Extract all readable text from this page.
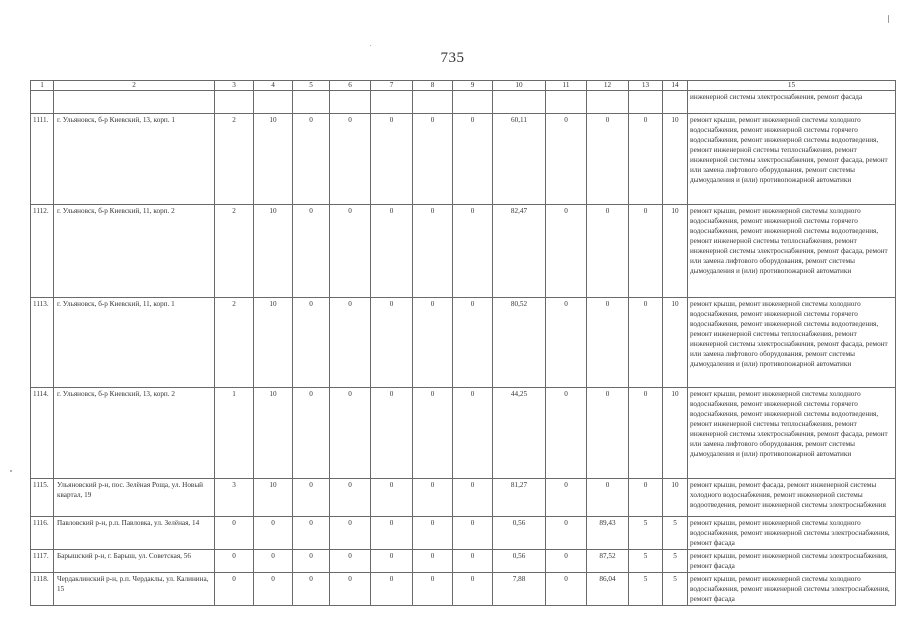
735
1	2	3	4	5	6	7	8	9	10	11	12	13	14	15
														инженерной системы электроснабжения, ремонт фасада
1111.	г. Ульяновск, б-р Киевский, 13, корп. 1	2	10	0	0	0	0	0	60,11	0	0	0	10	ремонт крыши, ремонт инженерной системы холодного водоснабжения, ремонт инженерной системы горячего водоснабжения, ремонт инженерной системы водоотведения, ремонт инженерной системы теплоснабжения, ремонт инженерной системы электроснабжения, ремонт фасада, ремонт или замена лифтового оборудования, ремонт системы дымоудаления и (или) противопожарной автоматики
1112.	г. Ульяновск, б-р Киевский, 11, корп. 2	2	10	0	0	0	0	0	82,47	0	0	0	10	ремонт крыши, ремонт инженерной системы холодного водоснабжения, ремонт инженерной системы горячего водоснабжения, ремонт инженерной системы водоотведения, ремонт инженерной системы теплоснабжения, ремонт инженерной системы электроснабжения, ремонт фасада, ремонт или замена лифтового оборудования, ремонт системы дымоудаления и (или) противопожарной автоматики
1113.	г. Ульяновск, б-р Киевский, 11, корп. 1	2	10	0	0	0	0	0	80,52	0	0	0	10	ремонт крыши, ремонт инженерной системы холодного водоснабжения, ремонт инженерной системы горячего водоснабжения, ремонт инженерной системы водоотведения, ремонт инженерной системы теплоснабжения, ремонт инженерной системы электроснабжения, ремонт фасада, ремонт или замена лифтового оборудования, ремонт системы дымоудаления и (или) противопожарной автоматики
1114.	г. Ульяновск, б-р Киевский, 13, корп. 2	1	10	0	0	0	0	0	44,25	0	0	0	10	ремонт крыши, ремонт инженерной системы холодного водоснабжения, ремонт инженерной системы горячего водоснабжения, ремонт инженерной системы водоотведения, ремонт инженерной системы теплоснабжения, ремонт инженерной системы электроснабжения, ремонт фасада, ремонт или замена лифтового оборудования, ремонт системы дымоудаления и (или) противопожарной автоматики
1115.	Ульяновский р-н, пос. Зелёная Роща, ул. Новый квартал, 19	3	10	0	0	0	0	0	81,27	0	0	0	10	ремонт крыши, ремонт фасада, ремонт инженерной системы холодного водоснабжения, ремонт инженерной системы водоотведения, ремонт инженерной системы электроснабжения
1116.	Павловский р-н, р.п. Павловка, ул. Зелёная, 14	0	0	0	0	0	0	0	0,56	0	89,43	5	5	ремонт крыши, ремонт инженерной системы холодного водоснабжения, ремонт инженерной системы электроснабжения, ремонт фасада
1117.	Барышский р-н, г. Барыш, ул. Советская, 56	0	0	0	0	0	0	0	0,56	0	87,52	5	5	ремонт крыши, ремонт инженерной системы электроснабжения, ремонт фасада
1118.	Чердаклинский р-н, р.п. Чердаклы, ул. Калинина, 15	0	0	0	0	0	0	0	7,88	0	86,04	5	5	ремонт крыши, ремонт инженерной системы холодного водоснабжения, ремонт инженерной системы электроснабжения, ремонт фасада
